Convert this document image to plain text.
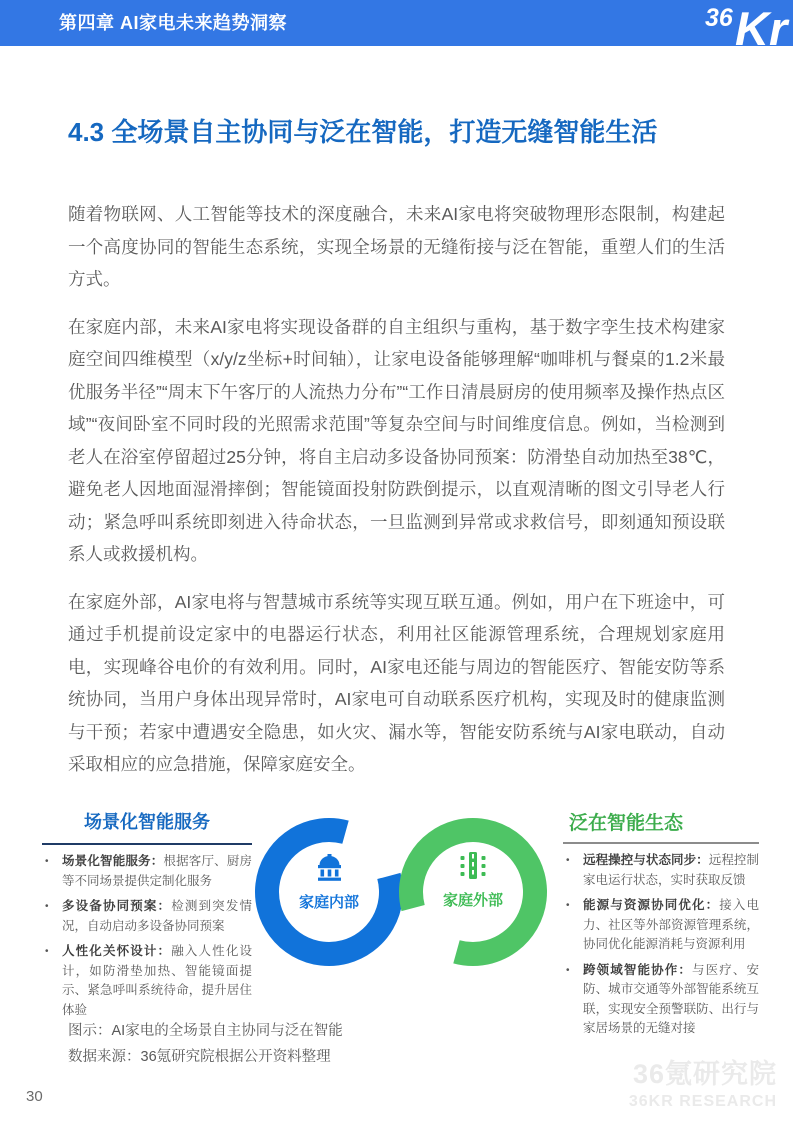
第四章 AI家电未来趋势洞察	36 Kr
4.3 全场景自主协同与泛在智能，打造无缝智能生活

随着物联网、人工智能等技术的深度融合，未来AI家电将突破物理形态限制，构建起一个高度协同的智能生态系统，实现全场景的无缝衔接与泛在智能，重塑人们的生活方式。

在家庭内部，未来AI家电将实现设备群的自主组织与重构，基于数字孪生技术构建家庭空间四维模型（x/y/z坐标+时间轴），让家电设备能够理解“咖啡机与餐桌的1.2米最优服务半径”“周末下午客厅的人流热力分布”“工作日清晨厨房的使用频率及操作热点区域”“夜间卧室不同时段的光照需求范围”等复杂空间与时间维度信息。例如，当检测到老人在浴室停留超过25分钟，将自主启动多设备协同预案：防滑垫自动加热至38℃，避免老人因地面湿滑摔倒；智能镜面投射防跌倒提示，以直观清晰的图文引导老人行动；紧急呼叫系统即刻进入待命状态，一旦监测到异常或求救信号，即刻通知预设联系人或救援机构。

在家庭外部，AI家电将与智慧城市系统等实现互联互通。例如，用户在下班途中，可通过手机提前设定家中的电器运行状态，利用社区能源管理系统，合理规划家庭用电，实现峰谷电价的有效利用。同时，AI家电还能与周边的智能医疗、智能安防等系统协同，当用户身体出现异常时，AI家电可自动联系医疗机构，实现及时的健康监测与干预；若家中遭遇安全隐患，如火灾、漏水等，智能安防系统与AI家电联动，自动采取相应的应急措施，保障家庭安全。

场景化智能服务
•	场景化智能服务：根据客厅、厨房等不同场景提供定制化服务
•	多设备协同预案：检测到突发情况，自动启动多设备协同预案
•	人性化关怀设计：融入人性化设计，如防滑垫加热、智能镜面提示、紧急呼叫系统待命，提升居住体验
家庭内部	家庭外部
泛在智能生态
•	远程操控与状态同步：远程控制家电运行状态，实时获取反馈
•	能源与资源协同优化：接入电力、社区等外部资源管理系统，协同优化能源消耗与资源利用
•	跨领域智能协作：与医疗、安防、城市交通等外部智能系统互联，实现安全预警联防、出行与家居场景的无缝对接
图示：AI家电的全场景自主协同与泛在智能
数据来源：36氪研究院根据公开资料整理
30
36氪研究院
36KR RESEARCH
